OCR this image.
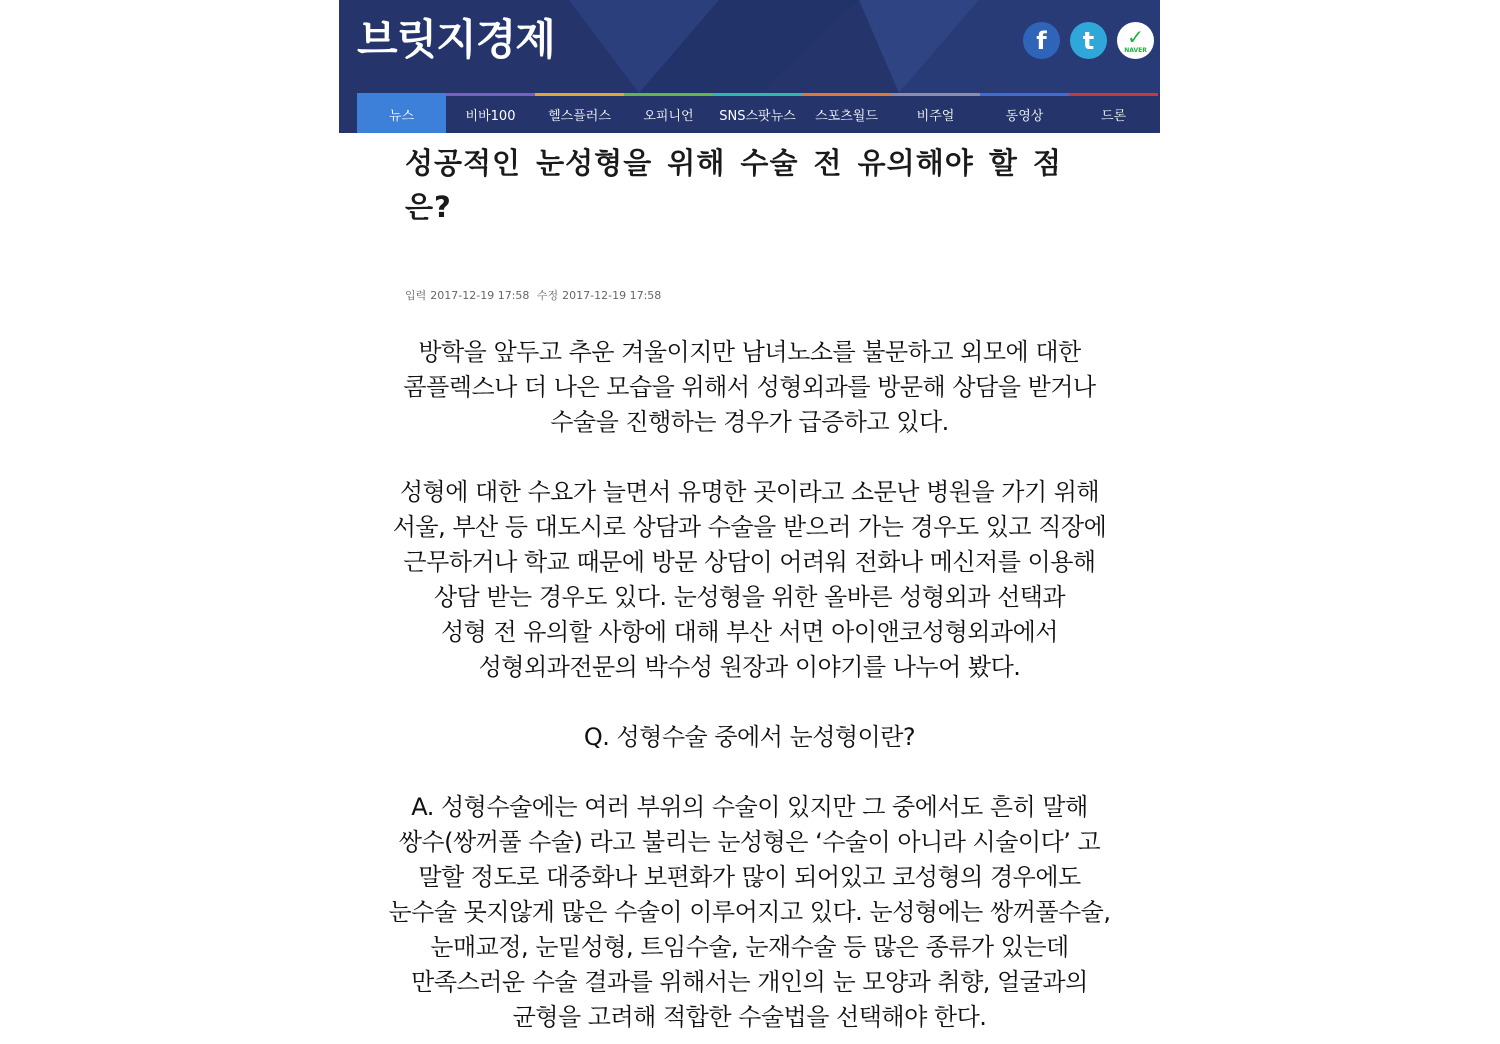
브릿지경제	f	t	✓
NAVER
뉴스	비바100	헬스플러스	오피니언	SNS스팟뉴스	스포츠월드	비주얼	동영상	드론
성공적인 눈성형을 위해 수술 전 유의해야 할 점은?
입력 2017-12-19 17:58 수정 2017-12-19 17:58

방학을 앞두고 추운 겨울이지만 남녀노소를 불문하고 외모에 대한
콤플렉스나 더 나은 모습을 위해서 성형외과를 방문해 상담을 받거나
수술을 진행하는 경우가 급증하고 있다.

성형에 대한 수요가 늘면서 유명한 곳이라고 소문난 병원을 가기 위해
서울, 부산 등 대도시로 상담과 수술을 받으러 가는 경우도 있고 직장에
근무하거나 학교 때문에 방문 상담이 어려워 전화나 메신저를 이용해
상담 받는 경우도 있다. 눈성형을 위한 올바른 성형외과 선택과
성형 전 유의할 사항에 대해 부산 서면 아이앤코성형외과에서
성형외과전문의 박수성 원장과 이야기를 나누어 봤다.

Q. 성형수술 중에서 눈성형이란?

A. 성형수술에는 여러 부위의 수술이 있지만 그 중에서도 흔히 말해
쌍수(쌍꺼풀 수술) 라고 불리는 눈성형은 ‘수술이 아니라 시술이다’ 고
말할 정도로 대중화나 보편화가 많이 되어있고 코성형의 경우에도
눈수술 못지않게 많은 수술이 이루어지고 있다. 눈성형에는 쌍꺼풀수술,
눈매교정, 눈밑성형, 트임수술, 눈재수술 등 많은 종류가 있는데
만족스러운 수술 결과를 위해서는 개인의 눈 모양과 취향, 얼굴과의
균형을 고려해 적합한 수술법을 선택해야 한다.
